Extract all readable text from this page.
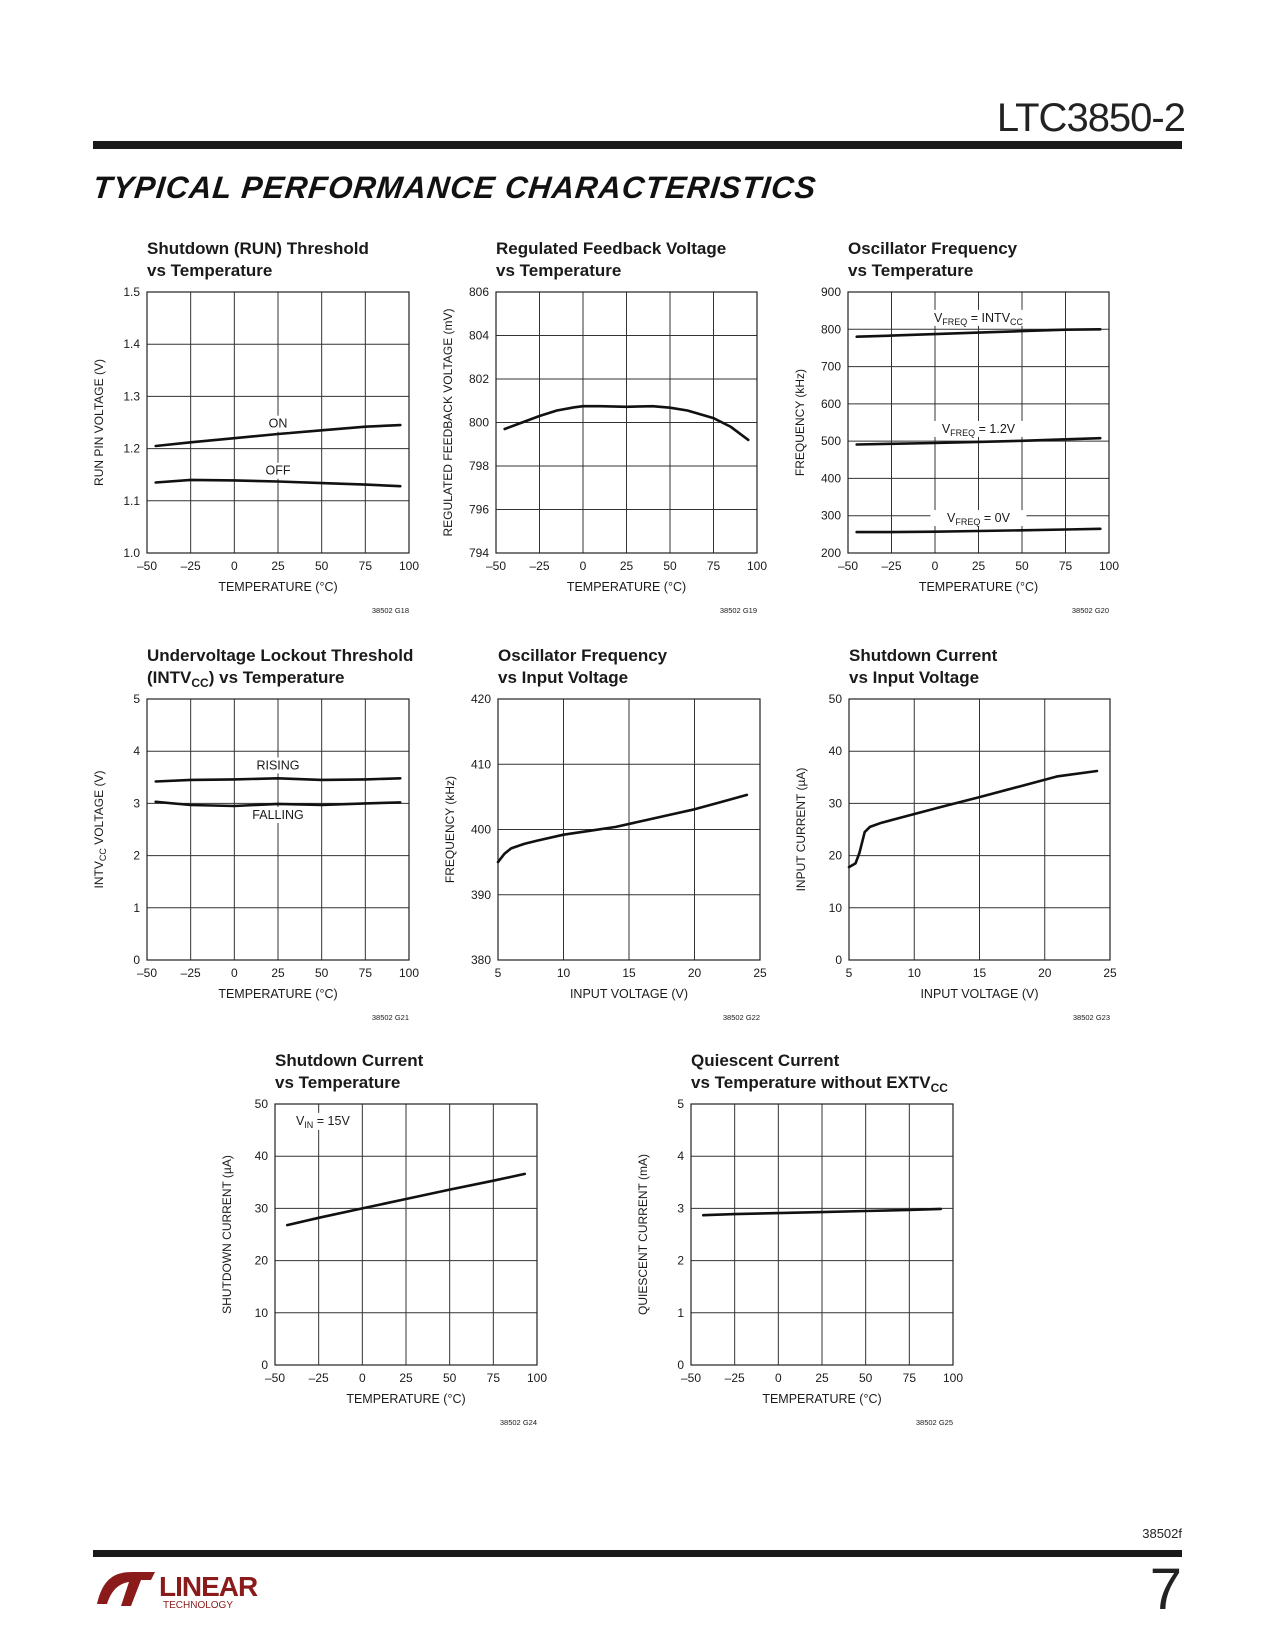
LTC3850-2
TYPICAL PERFORMANCE CHARACTERISTICS
Shutdown (RUN) Threshold
vs Temperature
1.0
1.1
1.2
1.3
1.4
1.5
–50 –25	0	25	50	75 100
TEMPERATURE (°C)
RUN PIN VOLTAGE (V)	ON
OFF
38502 G18
Regulated Feedback Voltage
vs Temperature
794
796
798
800
802
804
806
–50 –25	0	25	50	75 100
TEMPERATURE (°C)
REGULATED FEEDBACK VOLTAGE (mV)
38502 G19
Oscillator Frequency
vs Temperature
200
300
400
500
600
700
800
900
–50 –25	0	25	50	75 100
TEMPERATURE (°C)
FREQUENCY (kHz)
$V_{FREQ}$ = $INTV_{CC}$
$V_{FREQ} = 1.2V$
$V_{FREQ} = 0V$
38502 G20
Undervoltage Lockout Threshold
$(INTV_{CC})$ vs Temperature
0
1
2
3
4
5
–50 –25	0	25	50	75 100
TEMPERATURE (°C)
$INTV_{CC}$ VOLTAGE (V)
RISING
FALLING
38502 G21
Oscillator Frequency
vs Input Voltage
380
390
400
410
420
5	10	15	20	25
INPUT VOLTAGE (V)
FREQUENCY (kHz)
38502 G22
Shutdown Current
vs Input Voltage
0
10
20
30
40
50
5	10	15	20	25
INPUT VOLTAGE (V)
INPUT CURRENT (µA)
38502 G23
Shutdown Current
vs Temperature
0
10
20
30
40
50
–50 –25	0	25	50	75 100
TEMPERATURE (°C)
SHUTDOWN CURRENT (µA)
$V_{IN} = 15V$
38502 G24
Quiescent Current
vs Temperature without $EXTV_{CC}$
0
1
2
3
4
5
–50 –25	0	25	50	75 100
TEMPERATURE (°C)
QUIESCENT CURRENT (mA)
38502 G25
38502f
LINEAR
TECHNOLOGY	7
